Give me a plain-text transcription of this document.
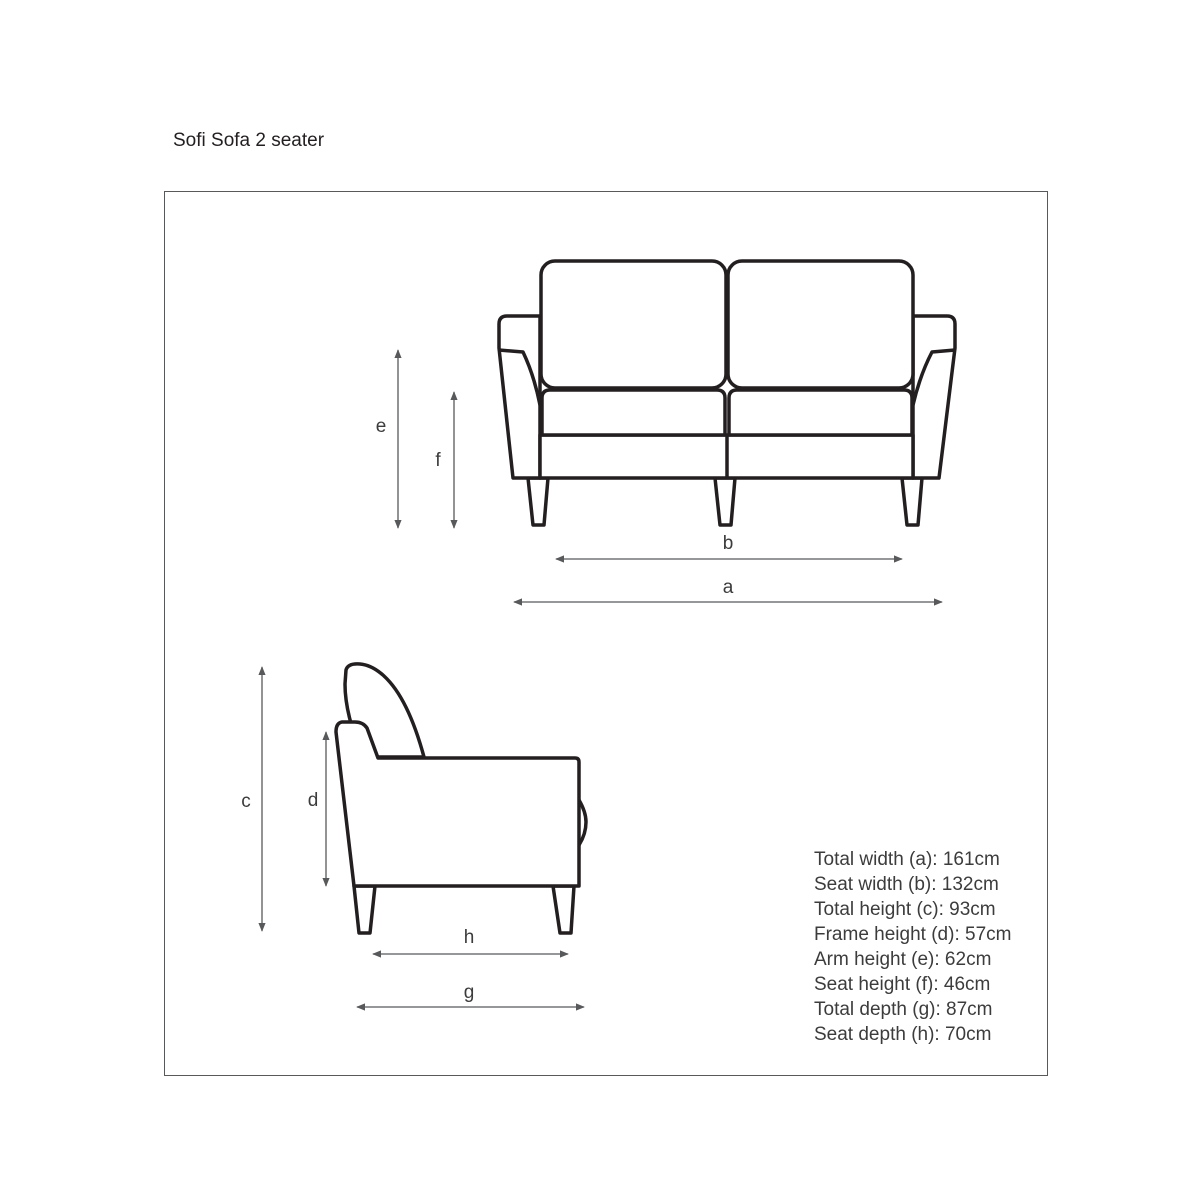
Sofi Sofa 2 seater
e
f
b
a
c	d
h
g
Total width (a): 161cm
Seat width (b): 132cm
Total height (c): 93cm
Frame height (d): 57cm
Arm height (e): 62cm
Seat height (f): 46cm
Total depth (g): 87cm
Seat depth (h): 70cm
